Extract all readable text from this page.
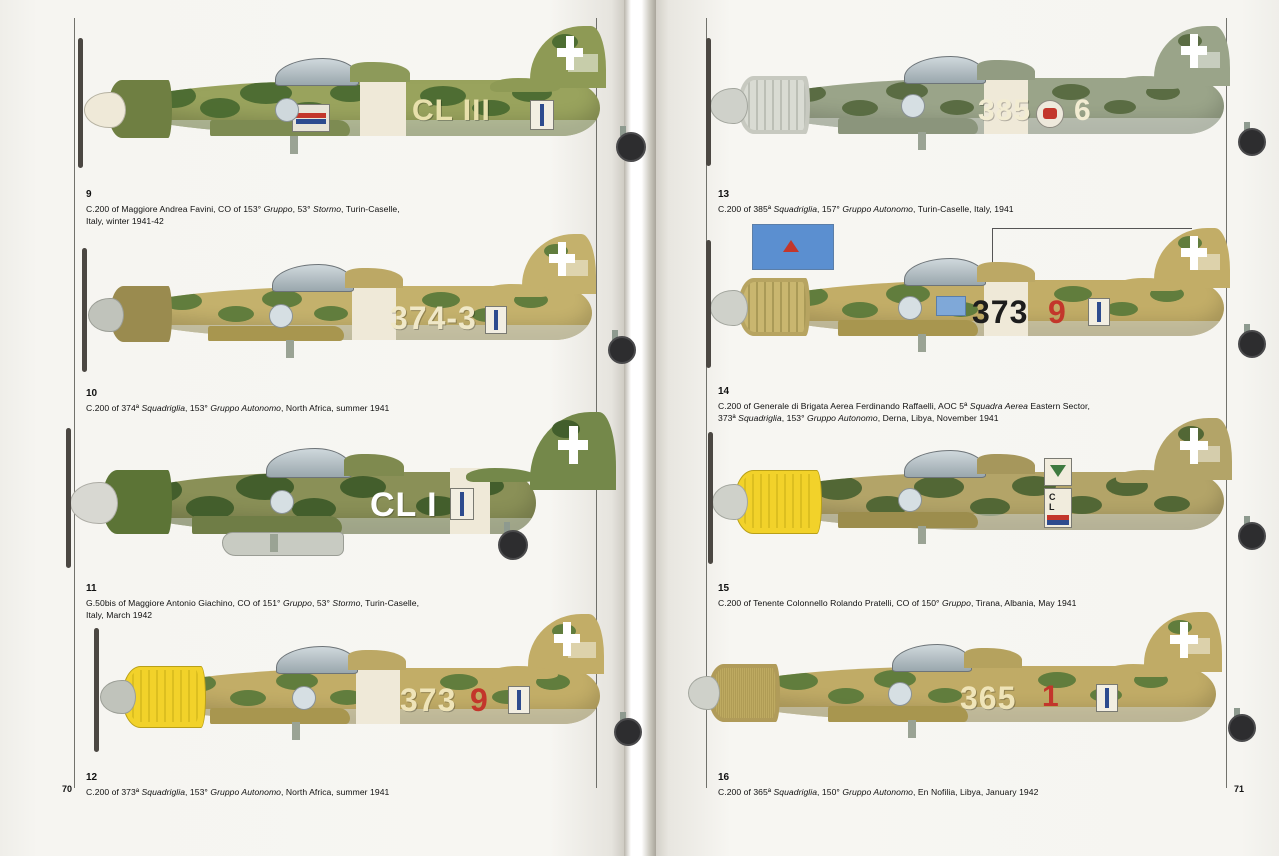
CL III
9
C.200 of Maggiore Andrea Favini, CO of 153° Gruppo, 53° Stormo, Turin-Caselle,
Italy, winter 1941-42
374-3
10
C.200 of 374ª Squadriglia, 153° Gruppo Autonomo, North Africa, summer 1941
CL I
11
G.50bis of Maggiore Antonio Giachino, CO of 151° Gruppo, 53° Stormo, Turin-Caselle,
Italy, March 1942
373 9
12
C.200 of 373ª Squadriglia, 153° Gruppo Autonomo, North Africa, summer 1941
70
385 6
13
C.200 of 385ª Squadriglia, 157° Gruppo Autonomo, Turin-Caselle, Italy, 1941
373 9
14
C.200 of Generale di Brigata Aerea Ferdinando Raffaelli, AOC 5ª Squadra Aerea Eastern Sector,
373ª Squadriglia, 153° Gruppo Autonomo, Derna, Libya, November 1941
C
L
15
C.200 of Tenente Colonnello Rolando Pratelli, CO of 150° Gruppo, Tirana, Albania, May 1941
365 1
16
C.200 of 365ª Squadriglia, 150° Gruppo Autonomo, En Nofilia, Libya, January 1942	71
